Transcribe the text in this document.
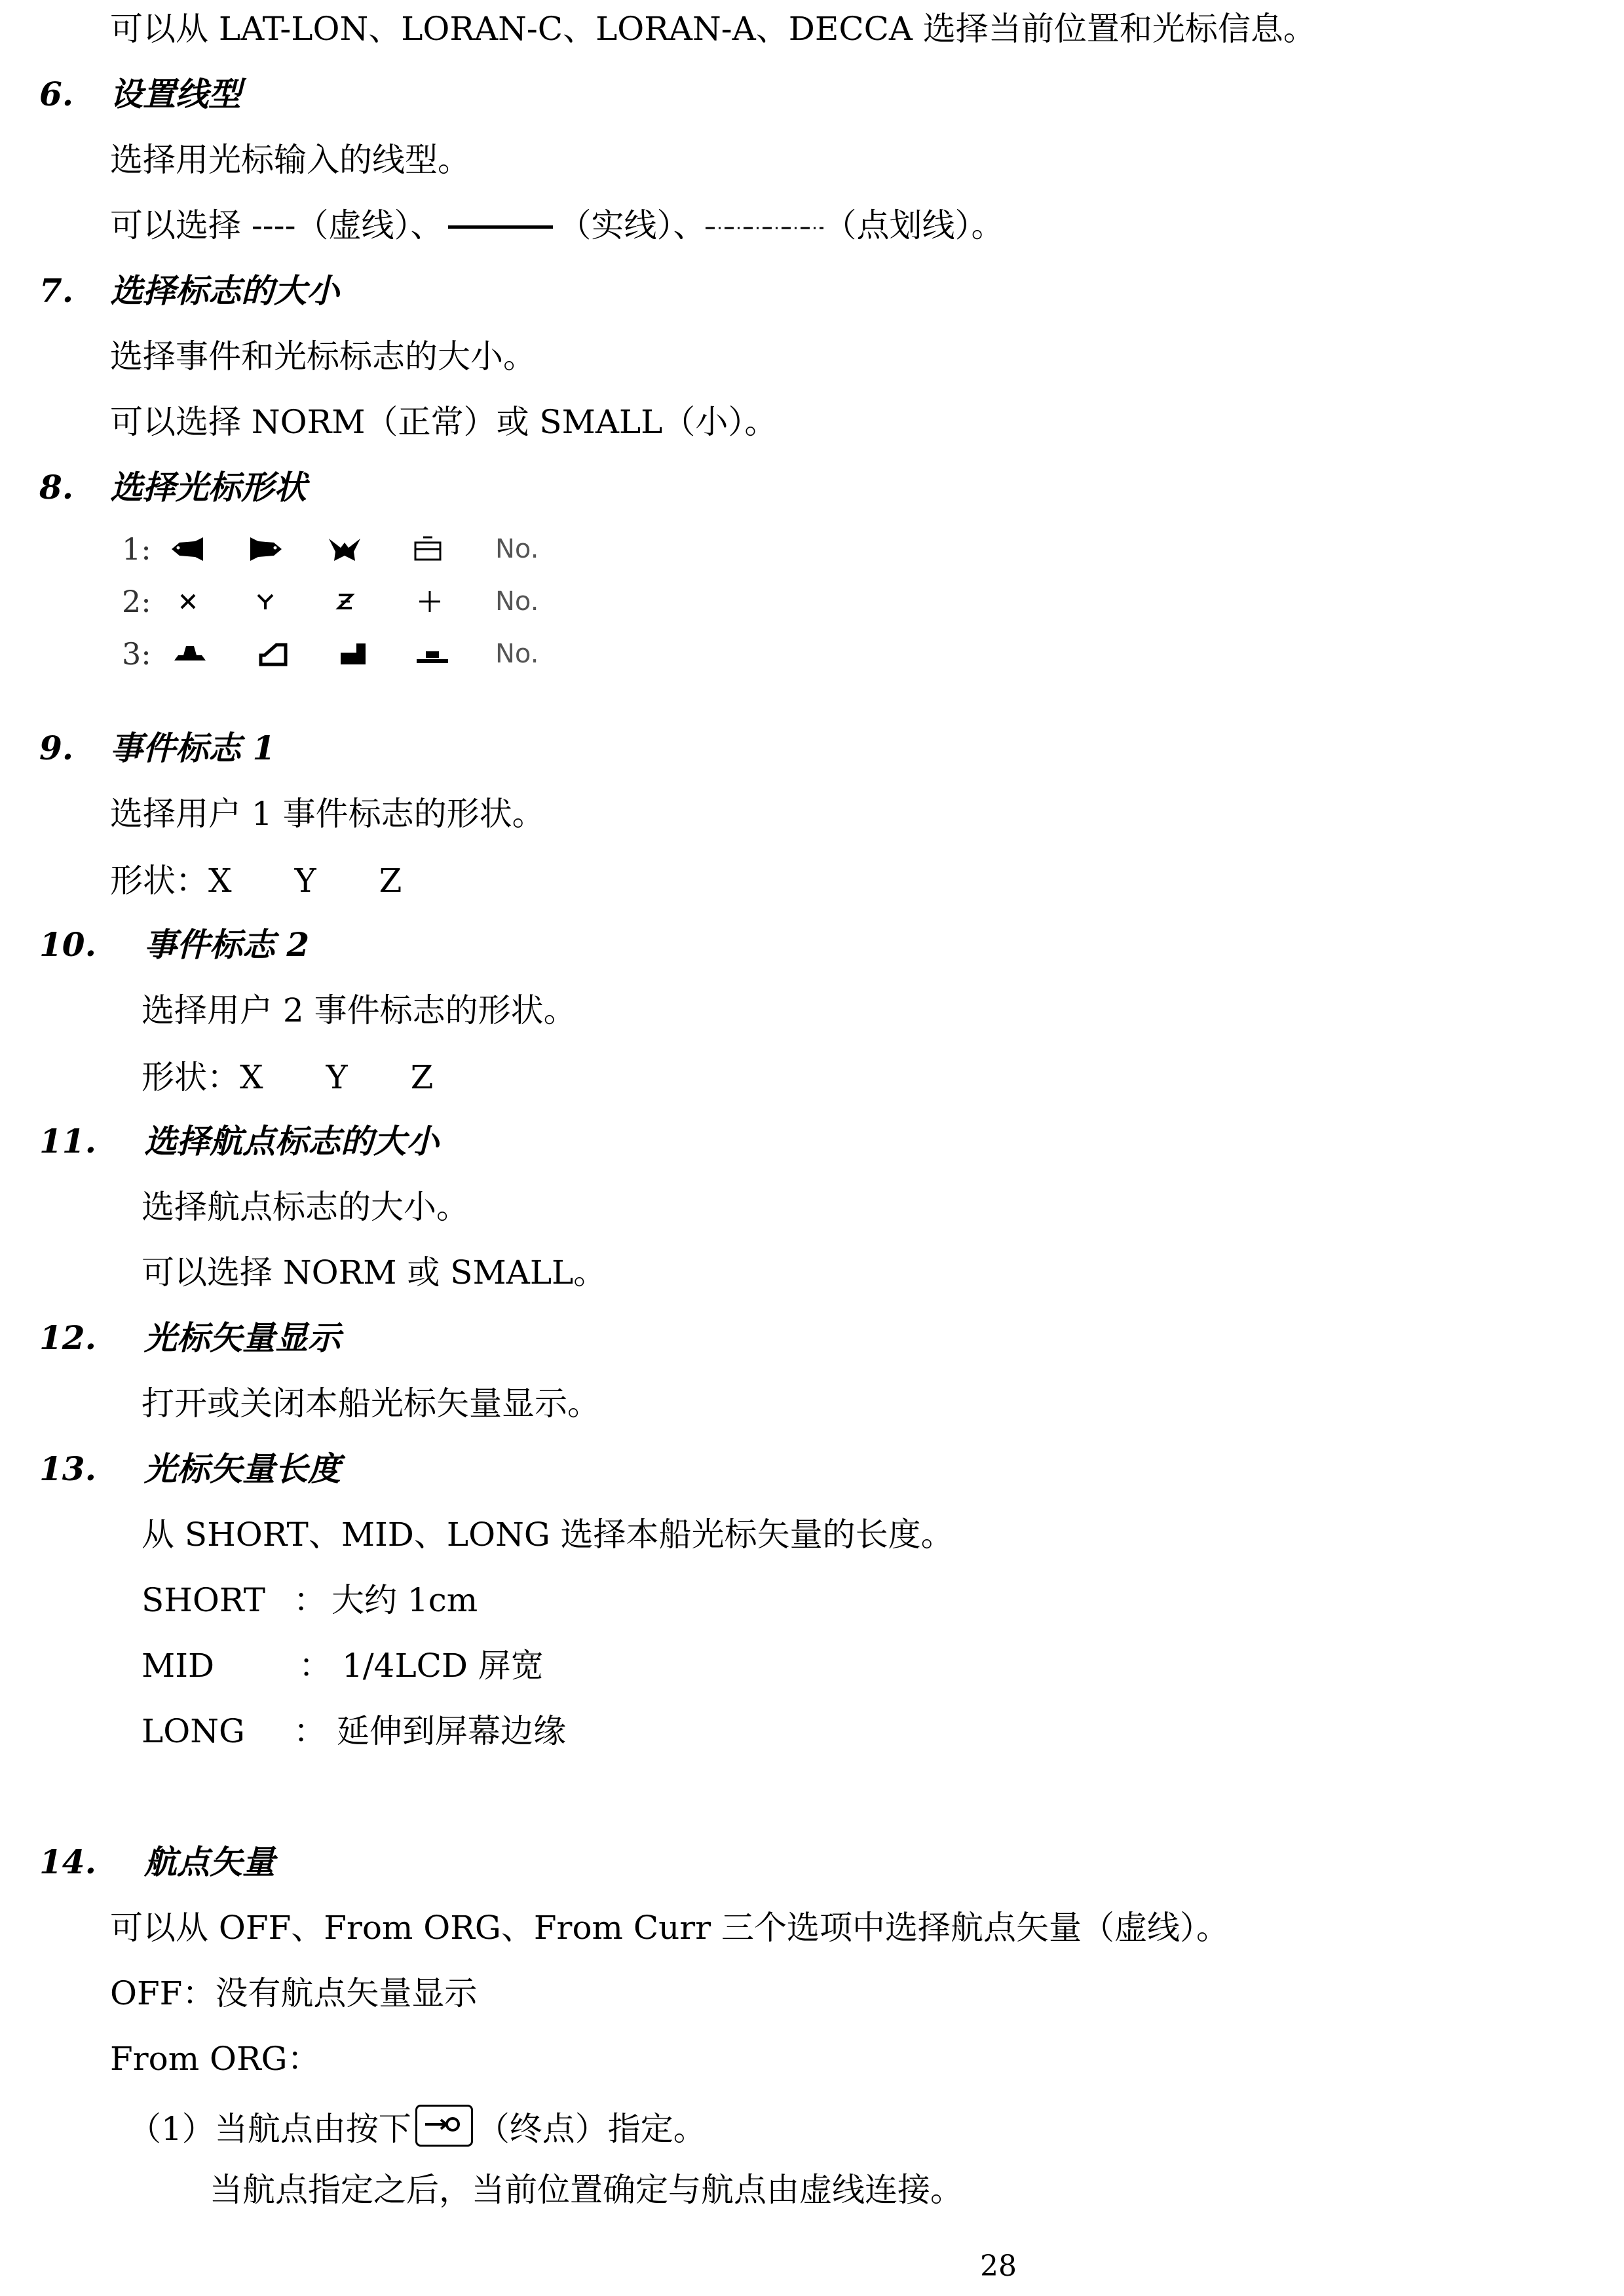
可以从 LAT-LON、LORAN-C、LORAN-A、DECCA 选择当前位置和光标信息。
6. 设置线型
选择用光标输入的线型。
可以选择 ----（虚线）、	（实线）、	（点划线）。
7. 选择标志的大小
选择事件和光标标志的大小。
可以选择 NORM（正常）或 SMALL（小）。
8. 选择光标形状
1:	No.
2:	No.
3:	No.
9. 事件标志 1
选择用户 1 事件标志的形状。
形状：X Y Z
10. 事件标志 2
选择用户 2 事件标志的形状。
形状：X Y Z
11. 选择航点标志的大小
选择航点标志的大小。
可以选择 NORM 或 SMALL。
12. 光标矢量显示
打开或关闭本船光标矢量显示。
13. 光标矢量长度
从 SHORT、MID、LONG 选择本船光标矢量的长度。
SHORT ： 大约 1cm
MID	： 1/4LCD 屏宽
LONG ： 延伸到屏幕边缘
14. 航点矢量
可以从 OFF、From ORG、From Curr 三个选项中选择航点矢量（虚线）。
OFF：没有航点矢量显示
From ORG：
（1）当航点由按下 （终点）指定。
当航点指定之后，当前位置确定与航点由虚线连接。
28
